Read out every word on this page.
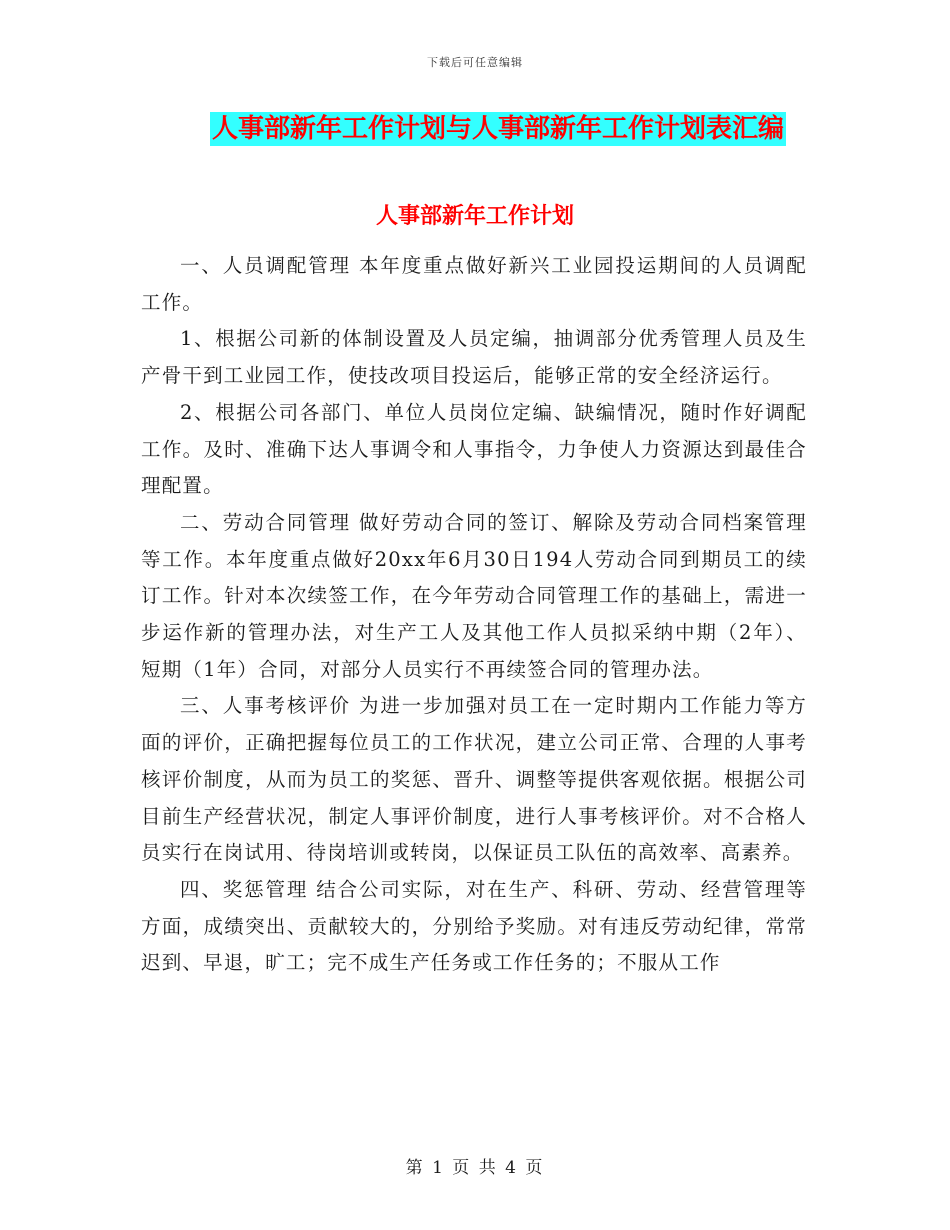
下载后可任意编辑
人事部新年工作计划与人事部新年工作计划表汇编
人事部新年工作计划

一、人员调配管理 本年度重点做好新兴工业园投运期间的人员调配工作。

1、根据公司新的体制设置及人员定编，抽调部分优秀管理人员及生产骨干到工业园工作，使技改项目投运后，能够正常的安全经济运行。

2、根据公司各部门、单位人员岗位定编、缺编情况，随时作好调配工作。及时、准确下达人事调令和人事指令，力争使人力资源达到最佳合理配置。

二、劳动合同管理 做好劳动合同的签订、解除及劳动合同档案管理等工作。本年度重点做好20xx年6月30日194人劳动合同到期员工的续订工作。针对本次续签工作，在今年劳动合同管理工作的基础上，需进一步运作新的管理办法，对生产工人及其他工作人员拟采纳中期（2年）、短期（1年）合同，对部分人员实行不再续签合同的管理办法。

三、人事考核评价 为进一步加强对员工在一定时期内工作能力等方面的评价，正确把握每位员工的工作状况，建立公司正常、合理的人事考核评价制度，从而为员工的奖惩、晋升、调整等提供客观依据。根据公司目前生产经营状况，制定人事评价制度，进行人事考核评价。对不合格人员实行在岗试用、待岗培训或转岗，以保证员工队伍的高效率、高素养。

四、奖惩管理 结合公司实际，对在生产、科研、劳动、经营管理等方面，成绩突出、贡献较大的，分别给予奖励。对有违反劳动纪律，常常迟到、早退，旷工；完不成生产任务或工作任务的；不服从工作

第 1 页 共 4 页
